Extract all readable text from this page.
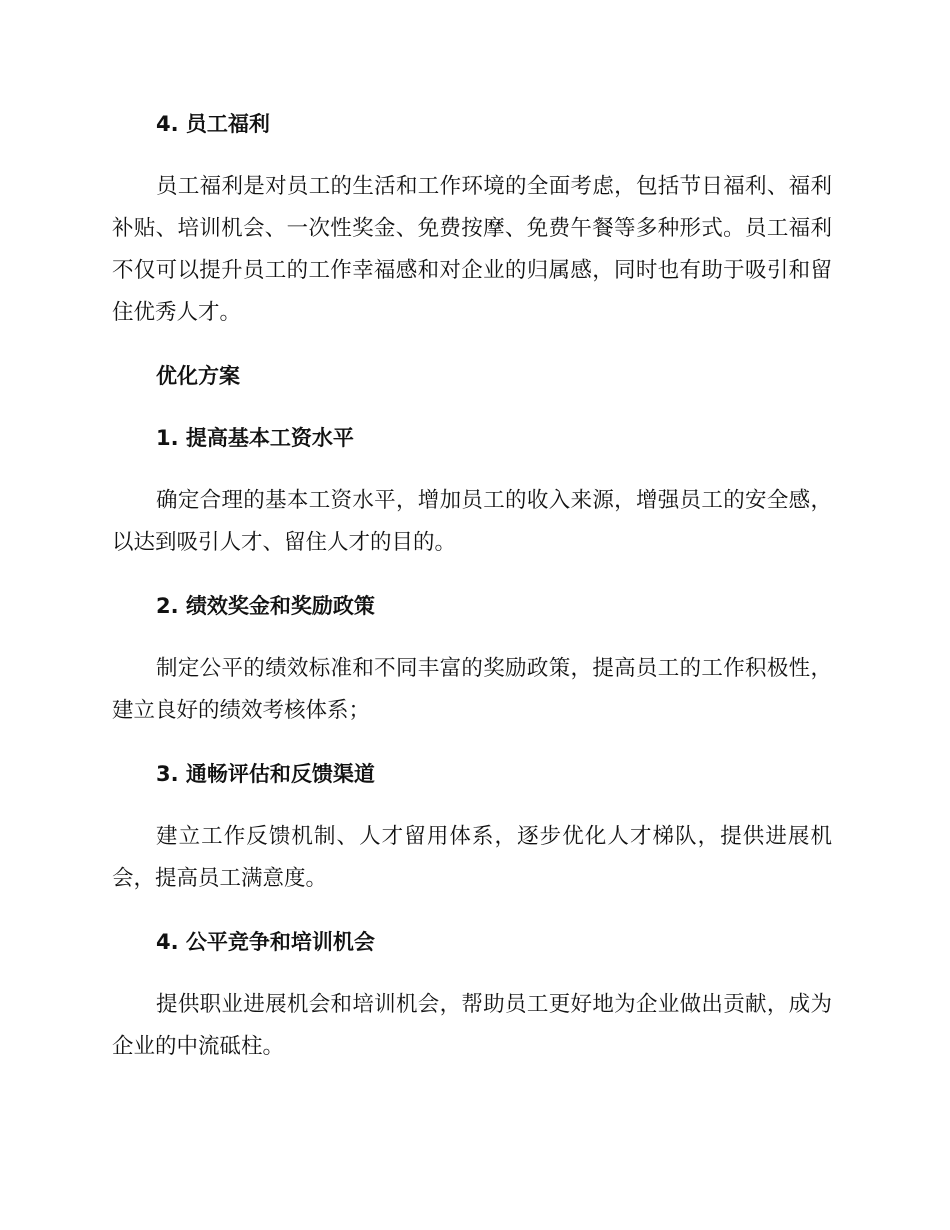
4. 员工福利

员工福利是对员工的生活和工作环境的全面考虑，包括节日福利、福利补贴、培训机会、一次性奖金、免费按摩、免费午餐等多种形式。员工福利不仅可以提升员工的工作幸福感和对企业的归属感，同时也有助于吸引和留住优秀人才。

优化方案
1. 提高基本工资水平

确定合理的基本工资水平，增加员工的收入来源，增强员工的安全感，以达到吸引人才、留住人才的目的。

2. 绩效奖金和奖励政策

制定公平的绩效标准和不同丰富的奖励政策，提高员工的工作积极性，建立良好的绩效考核体系；

3. 通畅评估和反馈渠道

建立工作反馈机制、人才留用体系，逐步优化人才梯队，提供进展机会，提高员工满意度。

4. 公平竞争和培训机会

提供职业进展机会和培训机会，帮助员工更好地为企业做出贡献，成为企业的中流砥柱。
